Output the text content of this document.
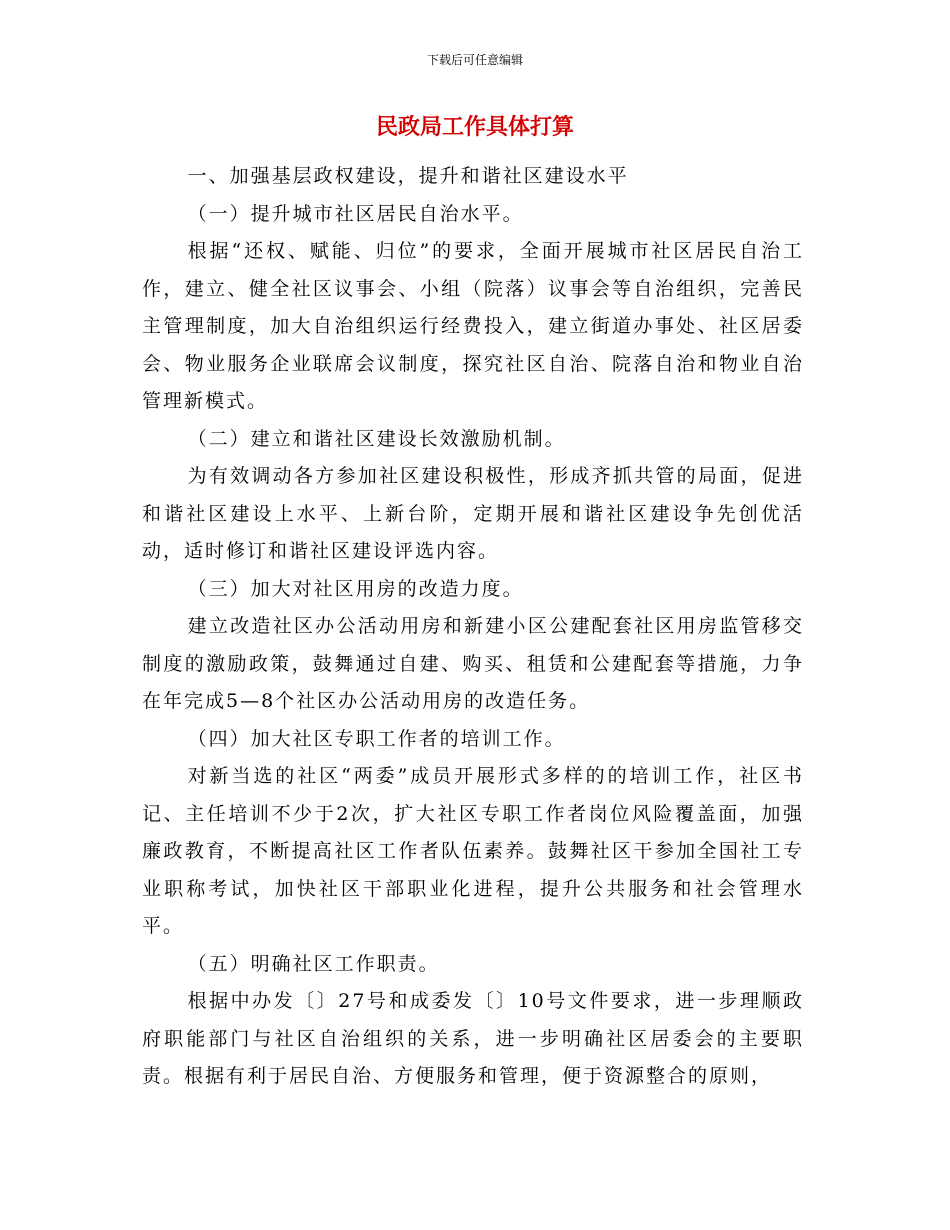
下载后可任意编辑
民政局工作具体打算

一、加强基层政权建设，提升和谐社区建设水平

（一）提升城市社区居民自治水平。

根据“还权、赋能、归位”的要求，全面开展城市社区居民自治工作，建立、健全社区议事会、小组（院落）议事会等自治组织，完善民主管理制度，加大自治组织运行经费投入，建立街道办事处、社区居委会、物业服务企业联席会议制度，探究社区自治、院落自治和物业自治管理新模式。

（二）建立和谐社区建设长效激励机制。

为有效调动各方参加社区建设积极性，形成齐抓共管的局面，促进和谐社区建设上水平、上新台阶，定期开展和谐社区建设争先创优活动，适时修订和谐社区建设评选内容。

（三）加大对社区用房的改造力度。

建立改造社区办公活动用房和新建小区公建配套社区用房监管移交制度的激励政策，鼓舞通过自建、购买、租赁和公建配套等措施，力争在年完成5—8个社区办公活动用房的改造任务。

（四）加大社区专职工作者的培训工作。

对新当选的社区“两委”成员开展形式多样的的培训工作，社区书记、主任培训不少于2次，扩大社区专职工作者岗位风险覆盖面，加强廉政教育，不断提高社区工作者队伍素养。鼓舞社区干参加全国社工专业职称考试，加快社区干部职业化进程，提升公共服务和社会管理水平。

（五）明确社区工作职责。

根据中办发〔〕27号和成委发〔〕10号文件要求，进一步理顺政府职能部门与社区自治组织的关系，进一步明确社区居委会的主要职责。根据有利于居民自治、方便服务和管理，便于资源整合的原则，
